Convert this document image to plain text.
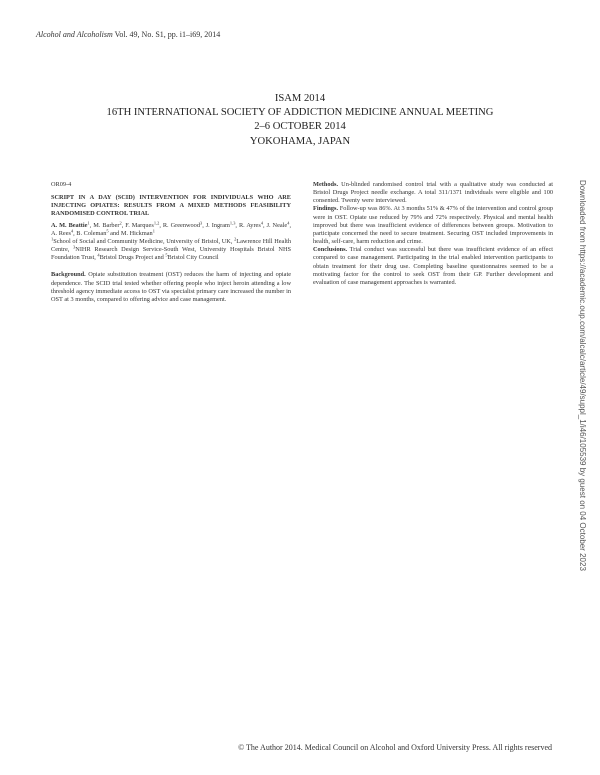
Alcohol and Alcoholism Vol. 49, No. S1, pp. i1–i69, 2014
ISAM 2014
16TH INTERNATIONAL SOCIETY OF ADDICTION MEDICINE ANNUAL MEETING
2–6 OCTOBER 2014
YOKOHAMA, JAPAN
OR09-4
SCRIPT IN A DAY (SCID) INTERVENTION FOR INDIVIDUALS WHO ARE INJECTING OPIATES: RESULTS FROM A MIXED METHODS FEASIBILITY RANDOMISED CONTROL TRIAL
A. M. Beattie$^1$, M. Barber$^2$, F. Marques$^{1,2}$, R. Greenwood$^3$, J. Ingram$^{1,3}$, R. Ayres$^4$, J. Neale$^4$, A. Rees$^4$, B. Coleman$^5$ and M. Hickman$^1$
$^1$School of Social and Community Medicine, University of Bristol, UK, $^2$Lawrence Hill Health Centre, $^3$NIHR Research Design Service-South West, University Hospitals Bristol NHS Foundation Trust, $^4$Bristol Drugs Project and $^5$Bristol City Council
Background. Opiate substitution treatment (OST) reduces the harm of injecting and opiate dependence. The SCID trial tested whether offering people who inject heroin attending a low threshold agency immediate access to OST via specialist primary care increased the number in OST at 3 months, compared to offering advice and case management.
Methods. Un-blinded randomised control trial with a qualitative study was conducted at Bristol Drugs Project needle exchange. A total 311/1371 individuals were eligible and 100 consented. Twenty were interviewed.
Findings. Follow-up was 86%. At 3 months 51% & 47% of the intervention and control group were in OST. Opiate use reduced by 79% and 72% respectively. Physical and mental health improved but there was insufficient evidence of differences between groups. Motivation to participate concerned the need to secure treatment. Securing OST included improvements in health, self-care, harm reduction and crime.
Conclusions. Trial conduct was successful but there was insufficient evidence of an effect compared to case management. Participating in the trial enabled intervention participants to obtain treatment for their drug use. Completing baseline questionnaires seemed to be a motivating factor for the control to seek OST from their GP. Further development and evaluation of case management approaches is warranted.	Downloaded from https://academic.oup.com/alcalc/article/49/suppl_1/i46/105539 by guest on 04 October 2023
© The Author 2014. Medical Council on Alcohol and Oxford University Press. All rights reserved
